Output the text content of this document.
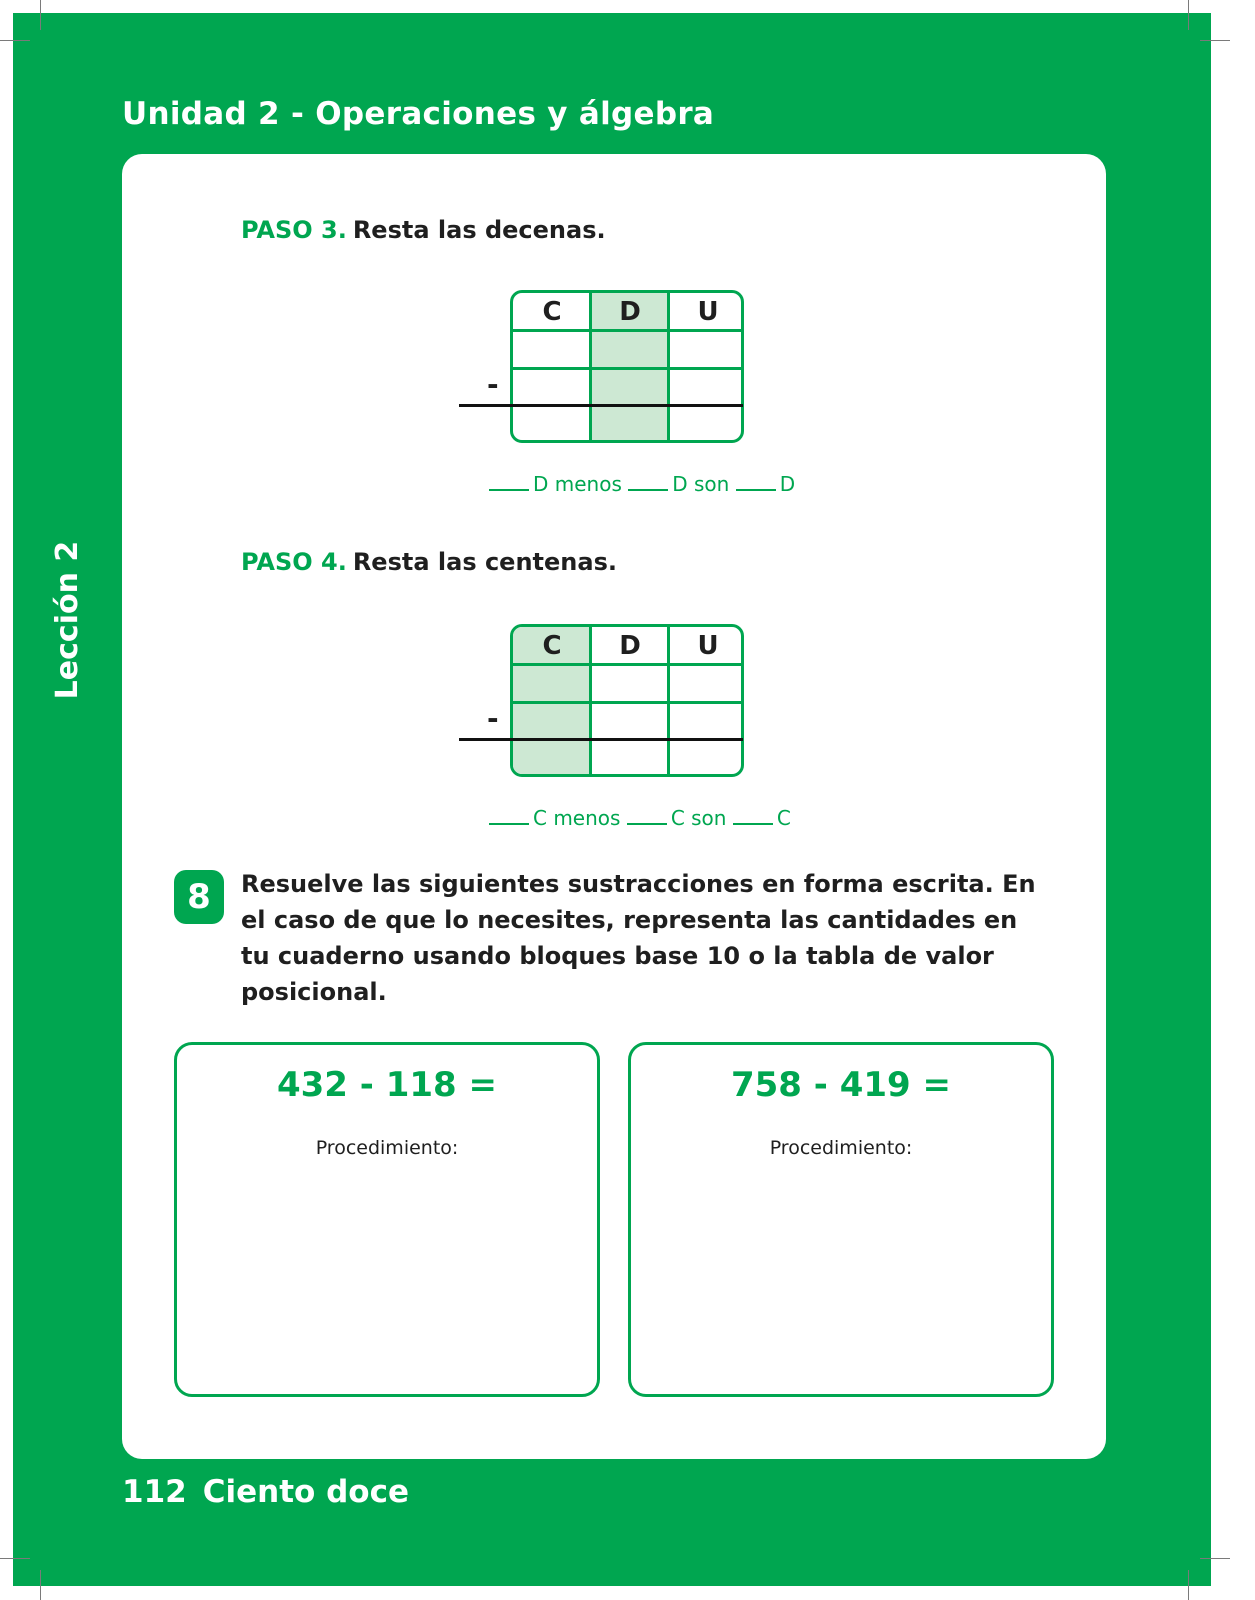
Unidad 2 - Operaciones y álgebra
Lección 2
PASO 3. Resta las decenas.
C	D	U
-
D menos	D son	D
PASO 4. Resta las centenas.
C	D	U
-
C menos	C son	C
8	Resuelve las siguientes sustracciones en forma escrita. En el caso de que lo necesites, representa las cantidades en tu cuaderno usando bloques base 10 o la tabla de valor posicional.
432 - 118 =
Procedimiento:
758 - 419 =
Procedimiento:
112 Ciento doce
